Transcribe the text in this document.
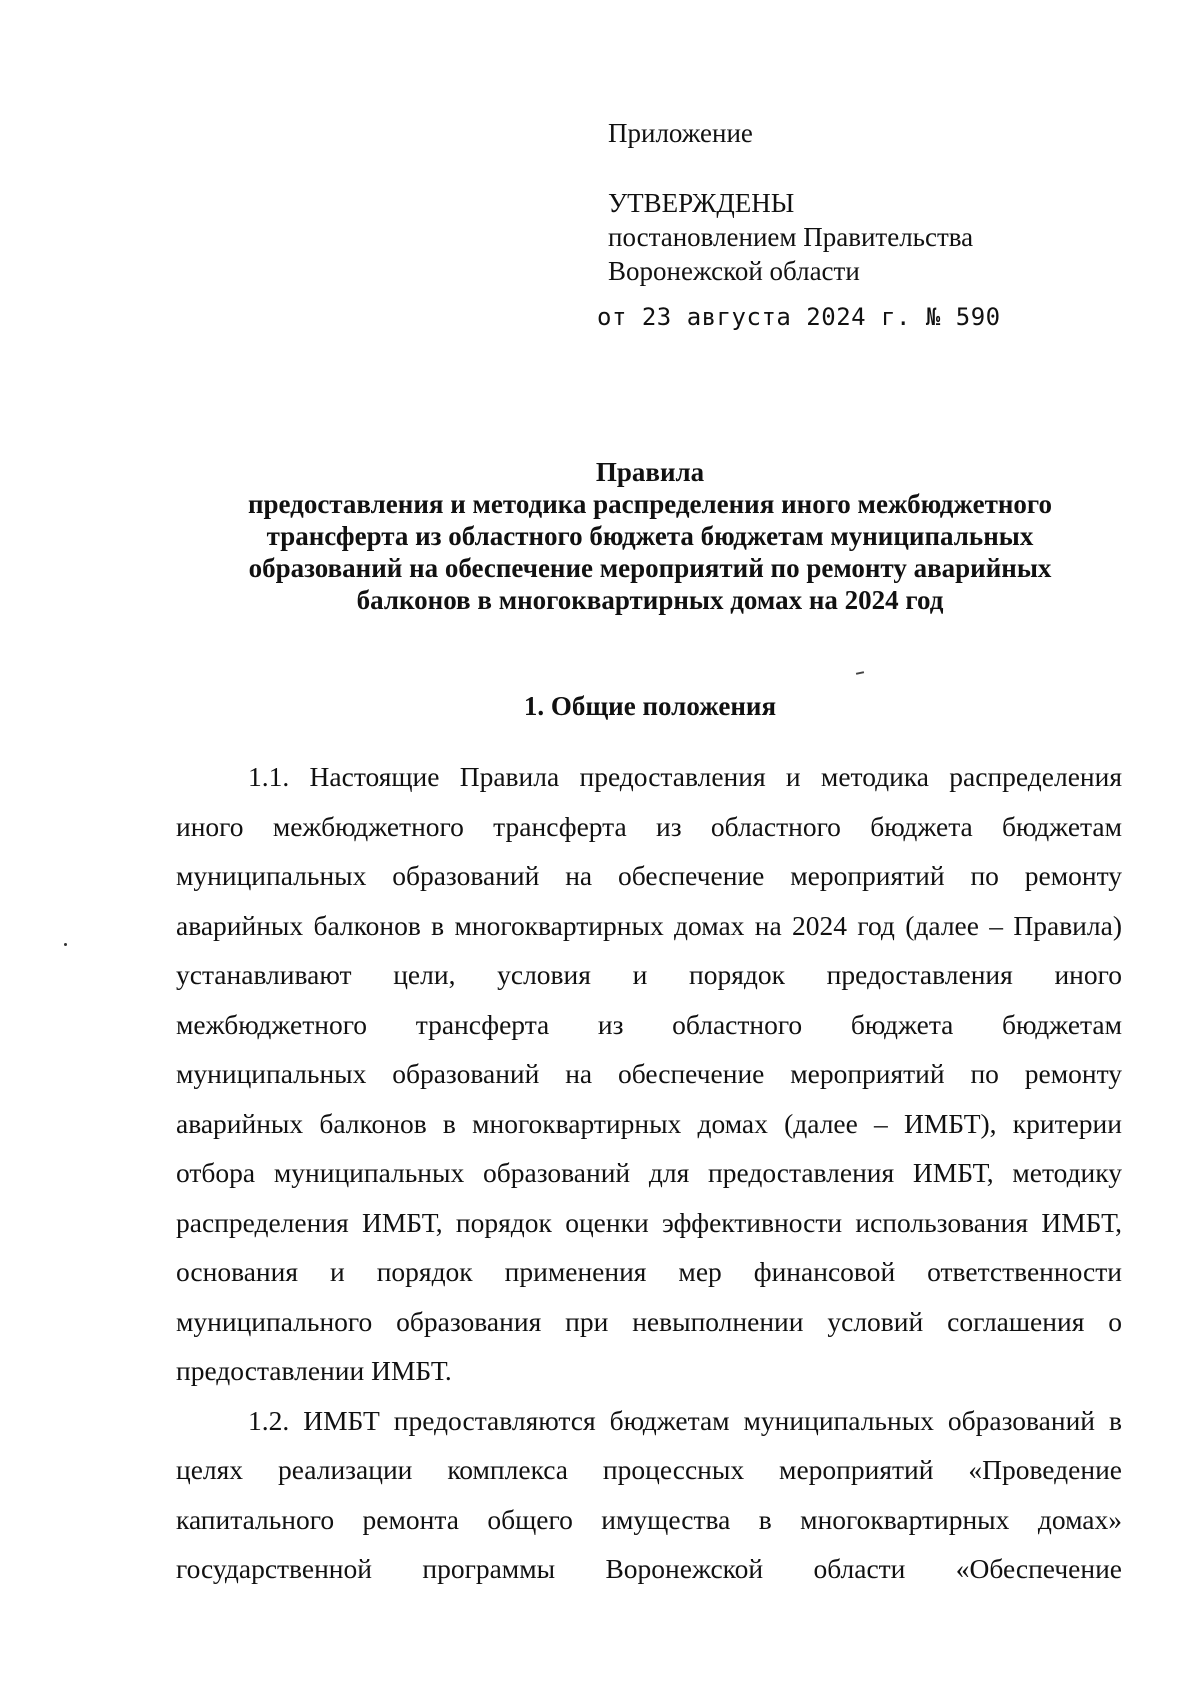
Приложение
УТВЕРЖДЕНЫ
постановлением Правительства
Воронежской области
от 23 августа 2024 г. № 590
Правила
предоставления и методика распределения иного межбюджетного
трансферта из областного бюджета бюджетам муниципальных
образований на обеспечение мероприятий по ремонту аварийных
балконов в многоквартирных домах на 2024 год
1. Общие положения
1.1. Настоящие Правила предоставления и методика распределения
иного межбюджетного трансферта из областного бюджета бюджетам
муниципальных образований на обеспечение мероприятий по ремонту
аварийных балконов в многоквартирных домах на 2024 год (далее – Правила)
устанавливают цели, условия и порядок предоставления иного
межбюджетного трансферта из областного бюджета бюджетам
муниципальных образований на обеспечение мероприятий по ремонту
аварийных балконов в многоквартирных домах (далее – ИМБТ), критерии
отбора муниципальных образований для предоставления ИМБТ, методику
распределения ИМБТ, порядок оценки эффективности использования ИМБТ,
основания и порядок применения мер финансовой ответственности
муниципального образования при невыполнении условий соглашения о
предоставлении ИМБТ.
1.2. ИМБТ предоставляются бюджетам муниципальных образований в
целях реализации комплекса процессных мероприятий «Проведение
капитального ремонта общего имущества в многоквартирных домах»
государственной программы Воронежской области «Обеспечение
